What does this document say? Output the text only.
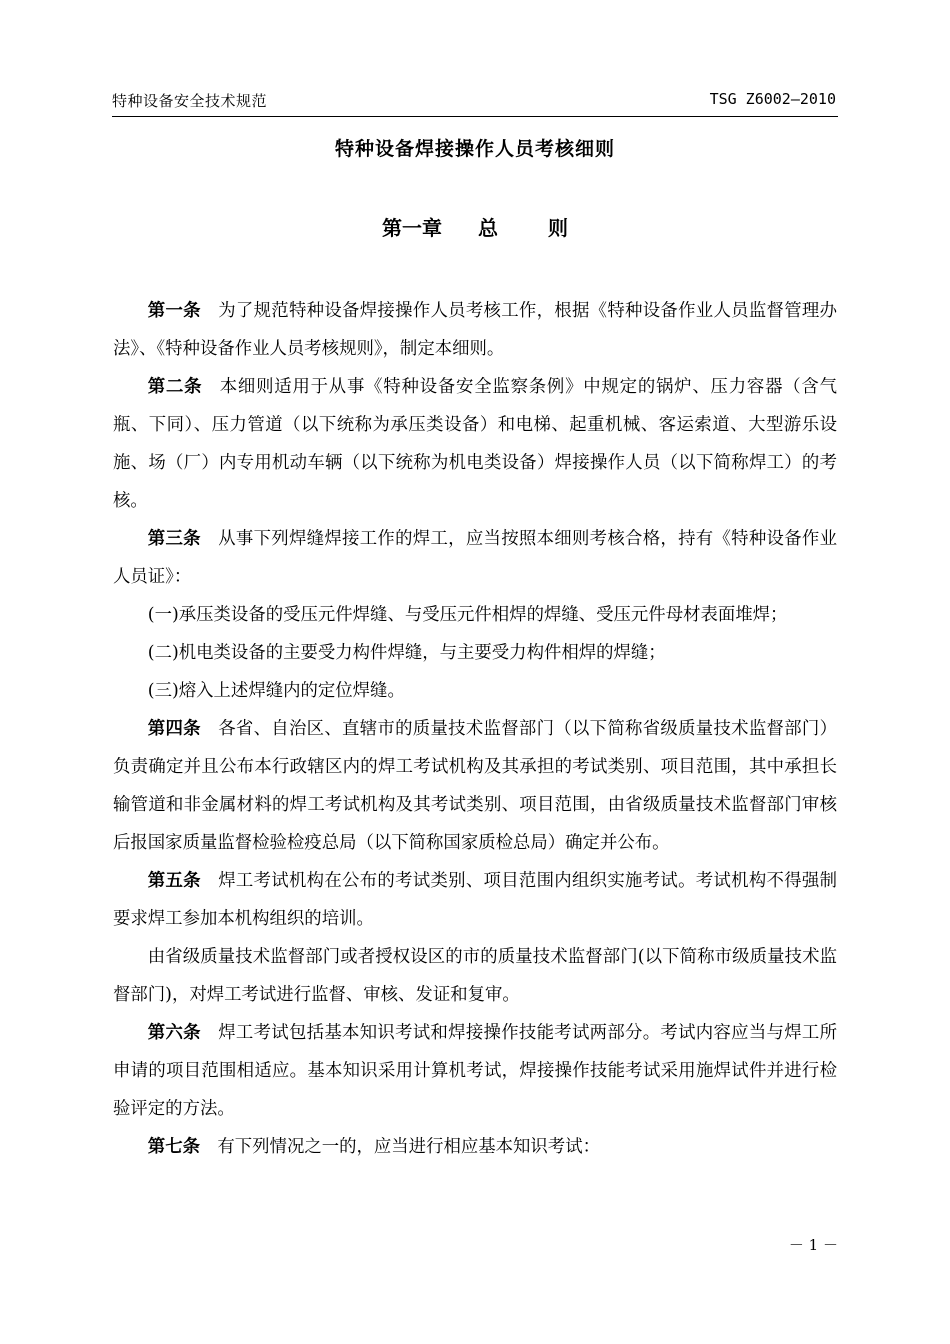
特种设备安全技术规范	TSG Z6002—2010
特种设备焊接操作人员考核细则
第一章 总	则

第一条 为了规范特种设备焊接操作人员考核工作，根据《特种设备作业人员监督管理办法》、《特种设备作业人员考核规则》，制定本细则。

第二条 本细则适用于从事《特种设备安全监察条例》中规定的锅炉、压力容器（含气瓶、下同）、压力管道（以下统称为承压类设备）和电梯、起重机械、客运索道、大型游乐设施、场（厂）内专用机动车辆（以下统称为机电类设备）焊接操作人员（以下简称焊工）的考核。

第三条 从事下列焊缝焊接工作的焊工，应当按照本细则考核合格，持有《特种设备作业人员证》：

(一)承压类设备的受压元件焊缝、与受压元件相焊的焊缝、受压元件母材表面堆焊；

(二)机电类设备的主要受力构件焊缝，与主要受力构件相焊的焊缝；

(三)熔入上述焊缝内的定位焊缝。

第四条 各省、自治区、直辖市的质量技术监督部门（以下简称省级质量技术监督部门）负责确定并且公布本行政辖区内的焊工考试机构及其承担的考试类别、项目范围，其中承担长输管道和非金属材料的焊工考试机构及其考试类别、项目范围，由省级质量技术监督部门审核后报国家质量监督检验检疫总局（以下简称国家质检总局）确定并公布。

第五条 焊工考试机构在公布的考试类别、项目范围内组织实施考试。考试机构不得强制要求焊工参加本机构组织的培训。

由省级质量技术监督部门或者授权设区的市的质量技术监督部门(以下简称市级质量技术监督部门)，对焊工考试进行监督、审核、发证和复审。

第六条 焊工考试包括基本知识考试和焊接操作技能考试两部分。考试内容应当与焊工所申请的项目范围相适应。基本知识采用计算机考试，焊接操作技能考试采用施焊试件并进行检验评定的方法。

第七条 有下列情况之一的，应当进行相应基本知识考试：

－ 1 －
